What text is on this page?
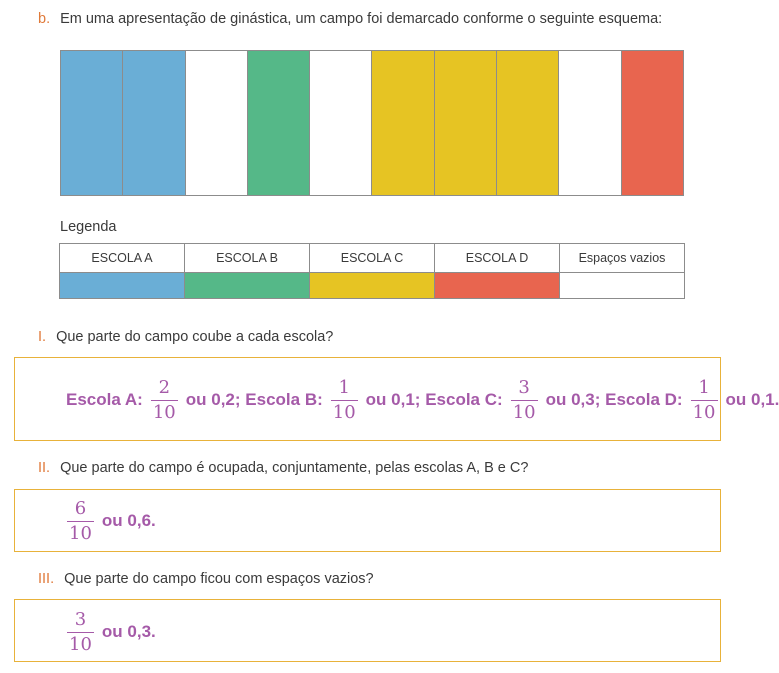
b. Em uma apresentação de ginástica, um campo foi demarcado conforme o seguinte esquema:
Legenda
ESCOLA A	ESCOLA B	ESCOLA C	ESCOLA D	Espaços vazios

I. Que parte do campo coube a cada escola?
Escola A: $\frac{2}{10}$ ou 0,2;
Escola B: $\frac{1}{10}$ ou 0,1;
Escola C: $\frac{3}{10}$ ou 0,3;
Escola D: $\frac{1}{10}$ ou 0,1.
II. Que parte do campo é ocupada, conjuntamente, pelas escolas A, B e C?
$\frac{6}{10}$ ou 0,6.
III. Que parte do campo ficou com espaços vazios?
$\frac{3}{10}$ ou 0,3.
